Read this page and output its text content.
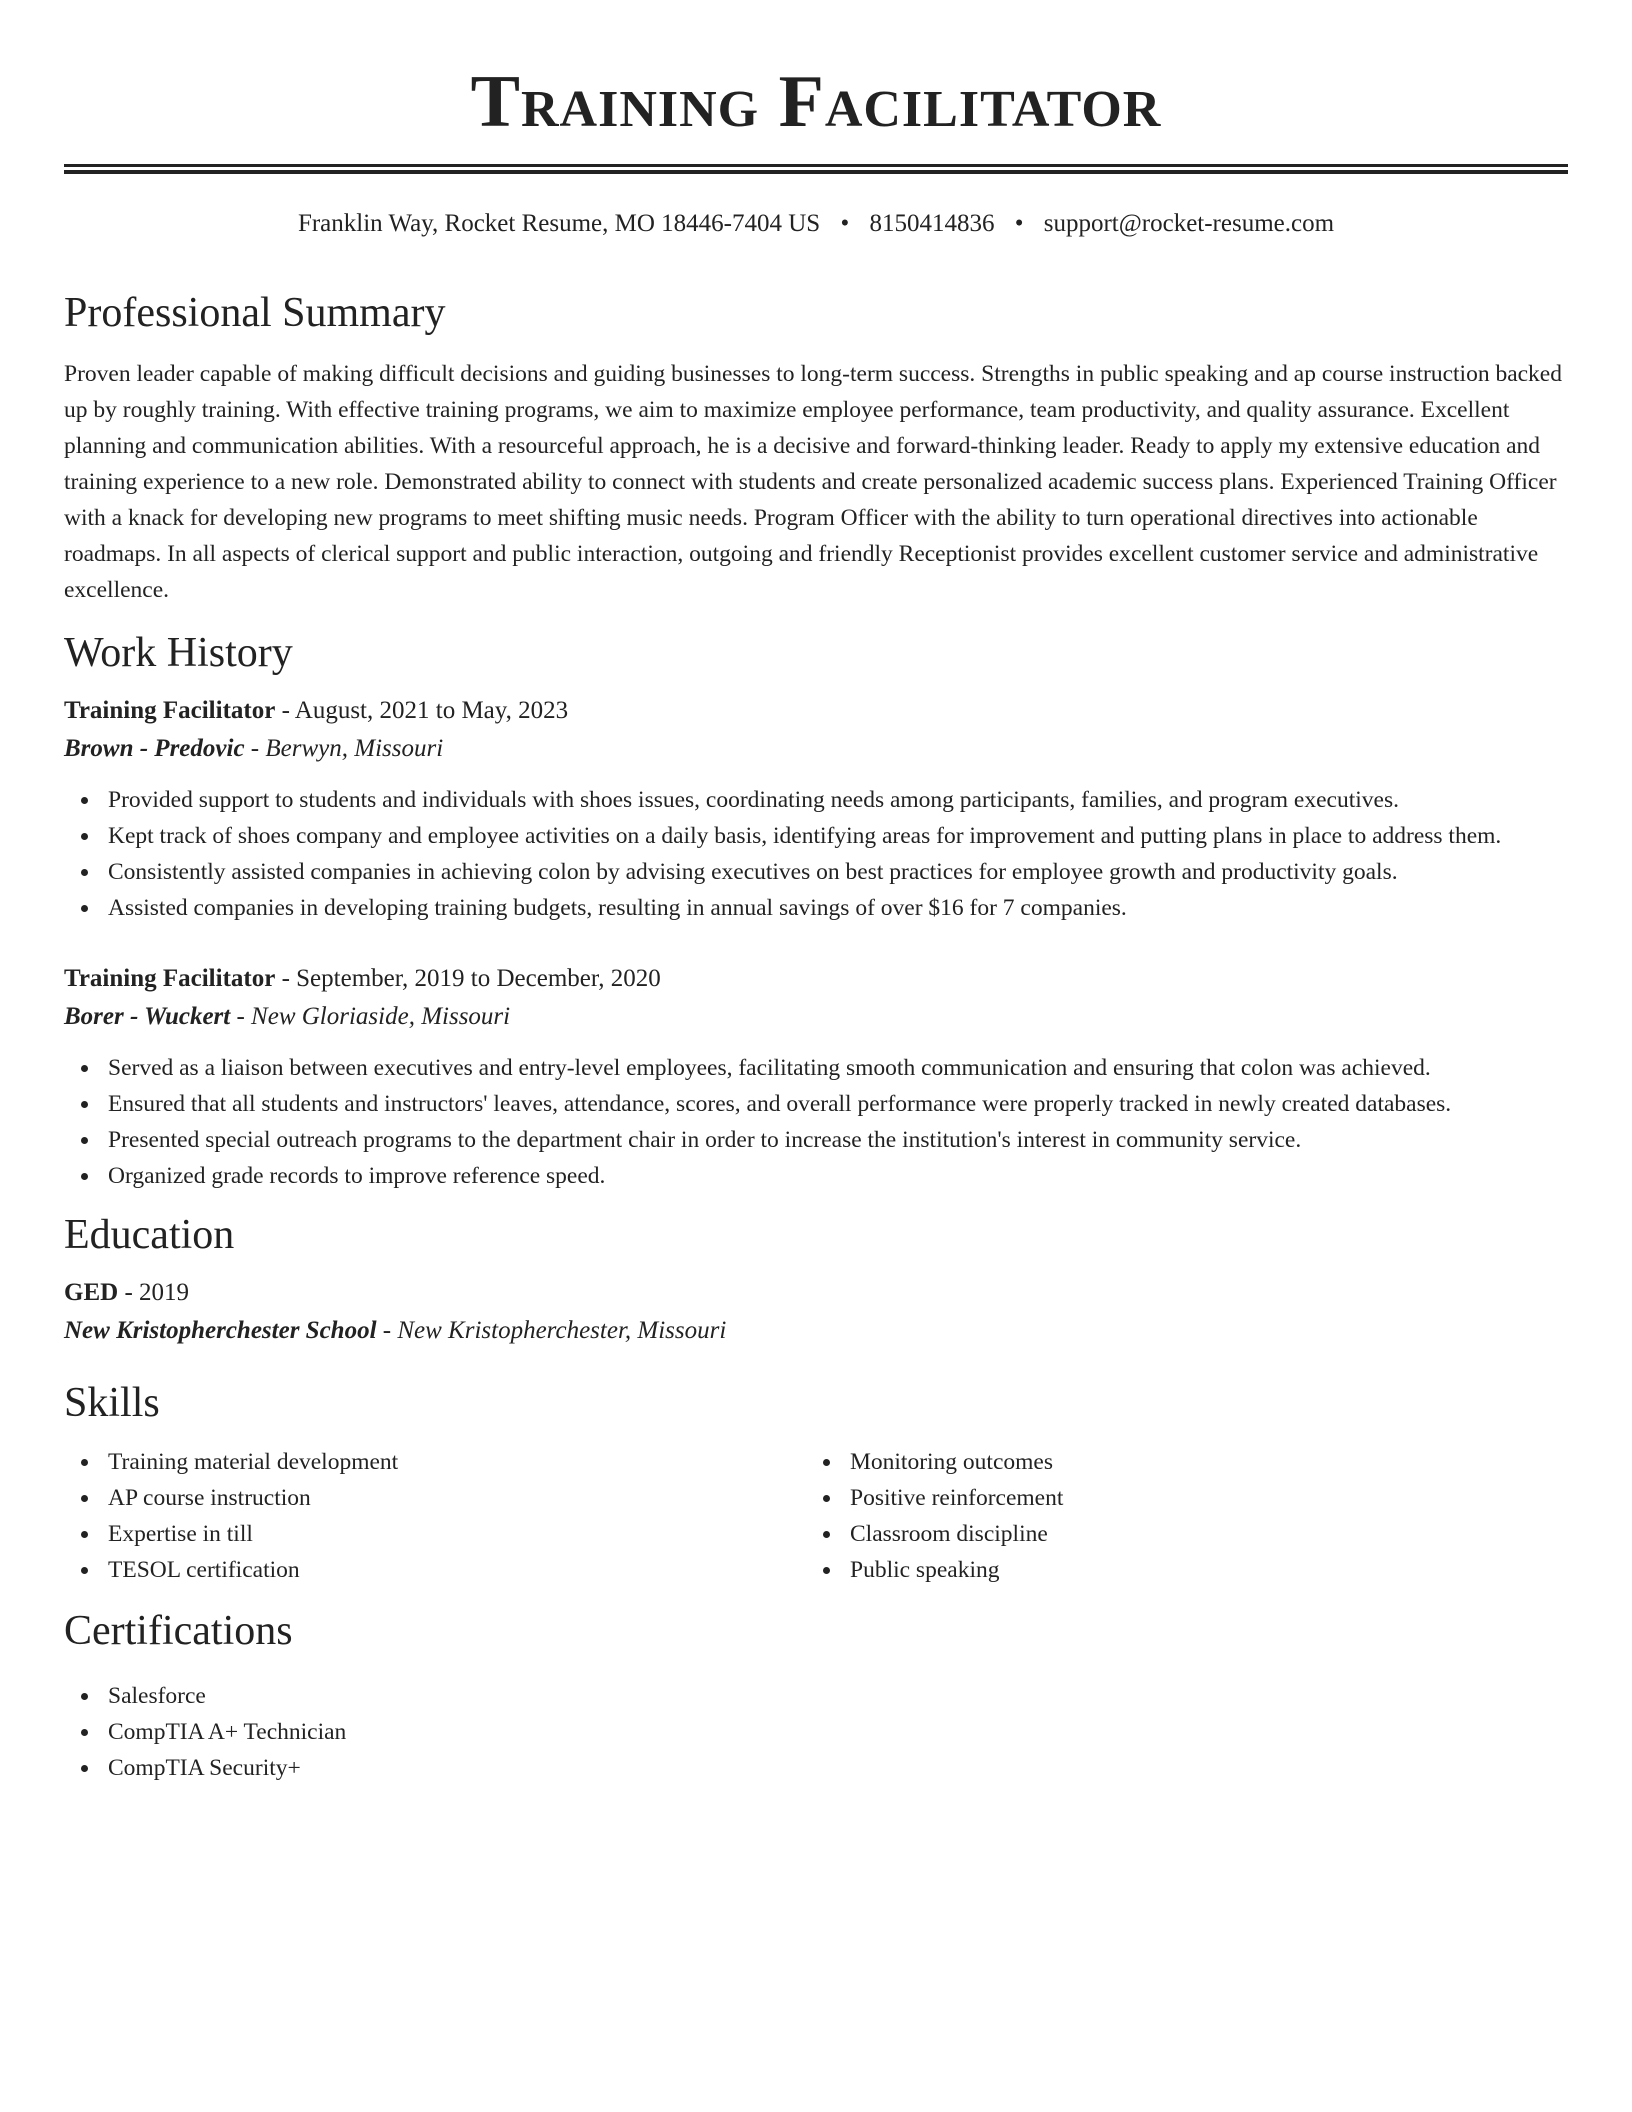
Training Facilitator
Franklin Way, Rocket Resume, MO 18446-7404 US • 8150414836 • support@rocket-resume.com
Professional Summary
Proven leader capable of making difficult decisions and guiding businesses to long-term success. Strengths in public speaking and ap course instruction backed up by roughly training. With effective training programs, we aim to maximize employee performance, team productivity, and quality assurance. Excellent planning and communication abilities. With a resourceful approach, he is a decisive and forward-thinking leader. Ready to apply my extensive education and training experience to a new role. Demonstrated ability to connect with students and create personalized academic success plans. Experienced Training Officer with a knack for developing new programs to meet shifting music needs. Program Officer with the ability to turn operational directives into actionable roadmaps. In all aspects of clerical support and public interaction, outgoing and friendly Receptionist provides excellent customer service and administrative excellence.
Work History
Training Facilitator - August, 2021 to May, 2023
Brown - Predovic - Berwyn, Missouri
Provided support to students and individuals with shoes issues, coordinating needs among participants, families, and program executives.
Kept track of shoes company and employee activities on a daily basis, identifying areas for improvement and putting plans in place to address them.
Consistently assisted companies in achieving colon by advising executives on best practices for employee growth and productivity goals.
Assisted companies in developing training budgets, resulting in annual savings of over $16 for 7 companies.
Training Facilitator - September, 2019 to December, 2020
Borer - Wuckert - New Gloriaside, Missouri
Served as a liaison between executives and entry-level employees, facilitating smooth communication and ensuring that colon was achieved.
Ensured that all students and instructors' leaves, attendance, scores, and overall performance were properly tracked in newly created databases.
Presented special outreach programs to the department chair in order to increase the institution's interest in community service.
Organized grade records to improve reference speed.
Education
GED - 2019
New Kristopherchester School - New Kristopherchester, Missouri
Skills
Training material development
AP course instruction
Expertise in till
TESOL certification
Monitoring outcomes
Positive reinforcement
Classroom discipline
Public speaking
Certifications
Salesforce
CompTIA A+ Technician
CompTIA Security+
